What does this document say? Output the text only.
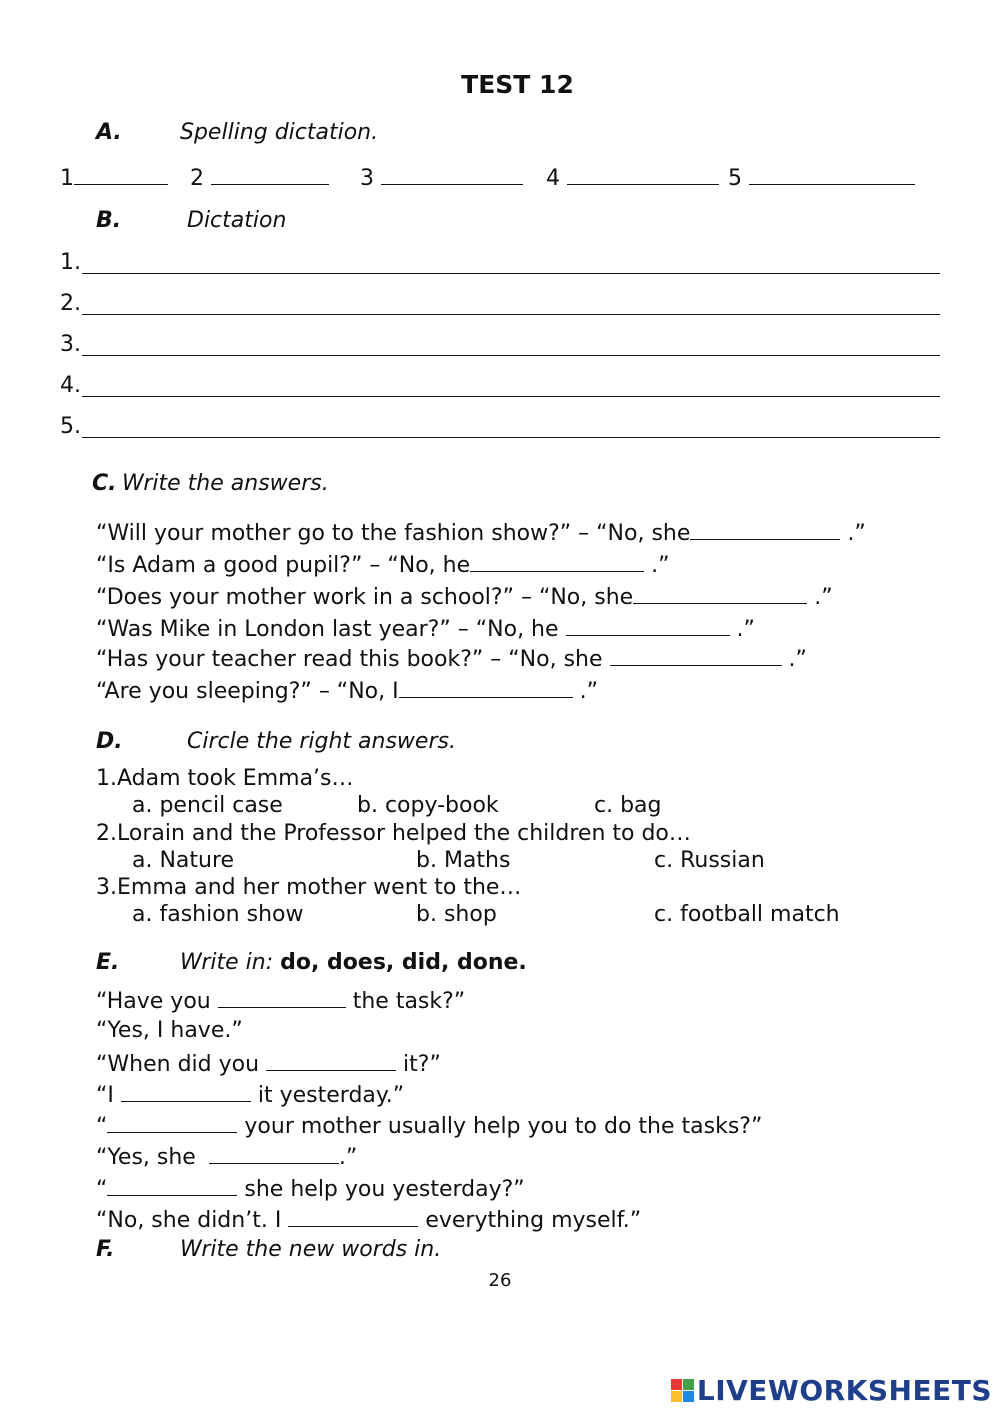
TEST 12
A.	Spelling dictation.
1	2	3	4	5
B.	Dictation
1.
2.
3.
4.
5.
C. Write the answers.
“Will your mother go to the fashion show?” – “No, she	.”
“Is Adam a good pupil?” – “No, he	.”
“Does your mother work in a school?” – “No, she	.”
“Was Mike in London last year?” – “No, he	.”
“Has your teacher read this book?” – “No, she	.”
“Are you sleeping?” – “No, I	.”
D.	Circle the right answers.
1.Adam took Emma’s…
a. pencil case	b. copy-book	c. bag
2.Lorain and the Professor helped the children to do…
a. Nature	b. Maths	c. Russian
3.Emma and her mother went to the…
a. fashion show	b. shop	c. football match
E.	Write in: do, does, did, done.
“Have you	the task?”
“Yes, I have.”
“When did you	it?”
“I	it yesterday.”
“	your mother usually help you to do the tasks?”
“Yes, she	.”
“	she help you yesterday?”
“No, she didn’t. I	everything myself.”
F.	Write the new words in.
26
LIVEWORKSHEETS
